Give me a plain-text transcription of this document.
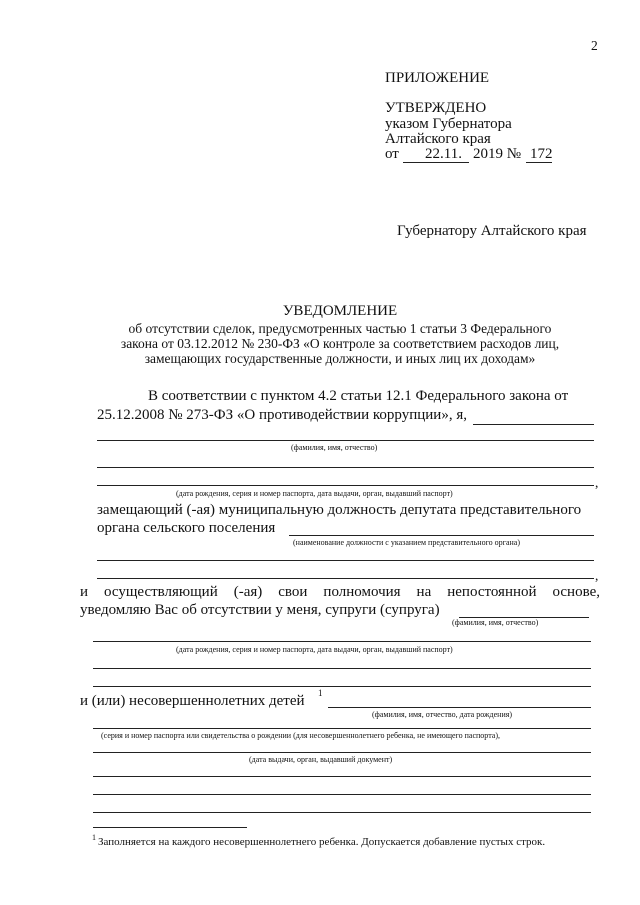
2
ПРИЛОЖЕНИЕ
УТВЕРЖДЕНО
указом Губернатора
Алтайского края
от 22.11. 2019 № 172
Губернатору Алтайского края
УВЕДОМЛЕНИЕ
об отсутствии сделок, предусмотренных частью 1 статьи 3 Федерального
закона от 03.12.2012 № 230-ФЗ «О контроле за соответствием расходов лиц,
замещающих государственные должности, и иных лиц их доходам»
В соответствии с пунктом 4.2 статьи 12.1 Федерального закона от
25.12.2008 № 273-ФЗ «О противодействии коррупции», я,
(фамилия, имя, отчество)
,
(дата рождения, серия и номер паспорта, дата выдачи, орган, выдавший паспорт)
замещающий (-ая) муниципальную должность депутата представительного
органа сельского поселения
(наименование должности с указанием представительного органа)
,
и осуществляющий (-ая) свои полномочия на непостоянной основе,
уведомляю Вас об отсутствии у меня, супруги (супруга)
(фамилия, имя, отчество)
(дата рождения, серия и номер паспорта, дата выдачи, орган, выдавший паспорт)
и (или) несовершеннолетних детей 1
(фамилия, имя, отчество, дата рождения)
(серия и номер паспорта или свидетельства о рождении (для несовершеннолетнего ребенка, не имеющего паспорта),
(дата выдачи, орган, выдавший документ)
1 Заполняется на каждого несовершеннолетнего ребенка. Допускается добавление пустых строк.
